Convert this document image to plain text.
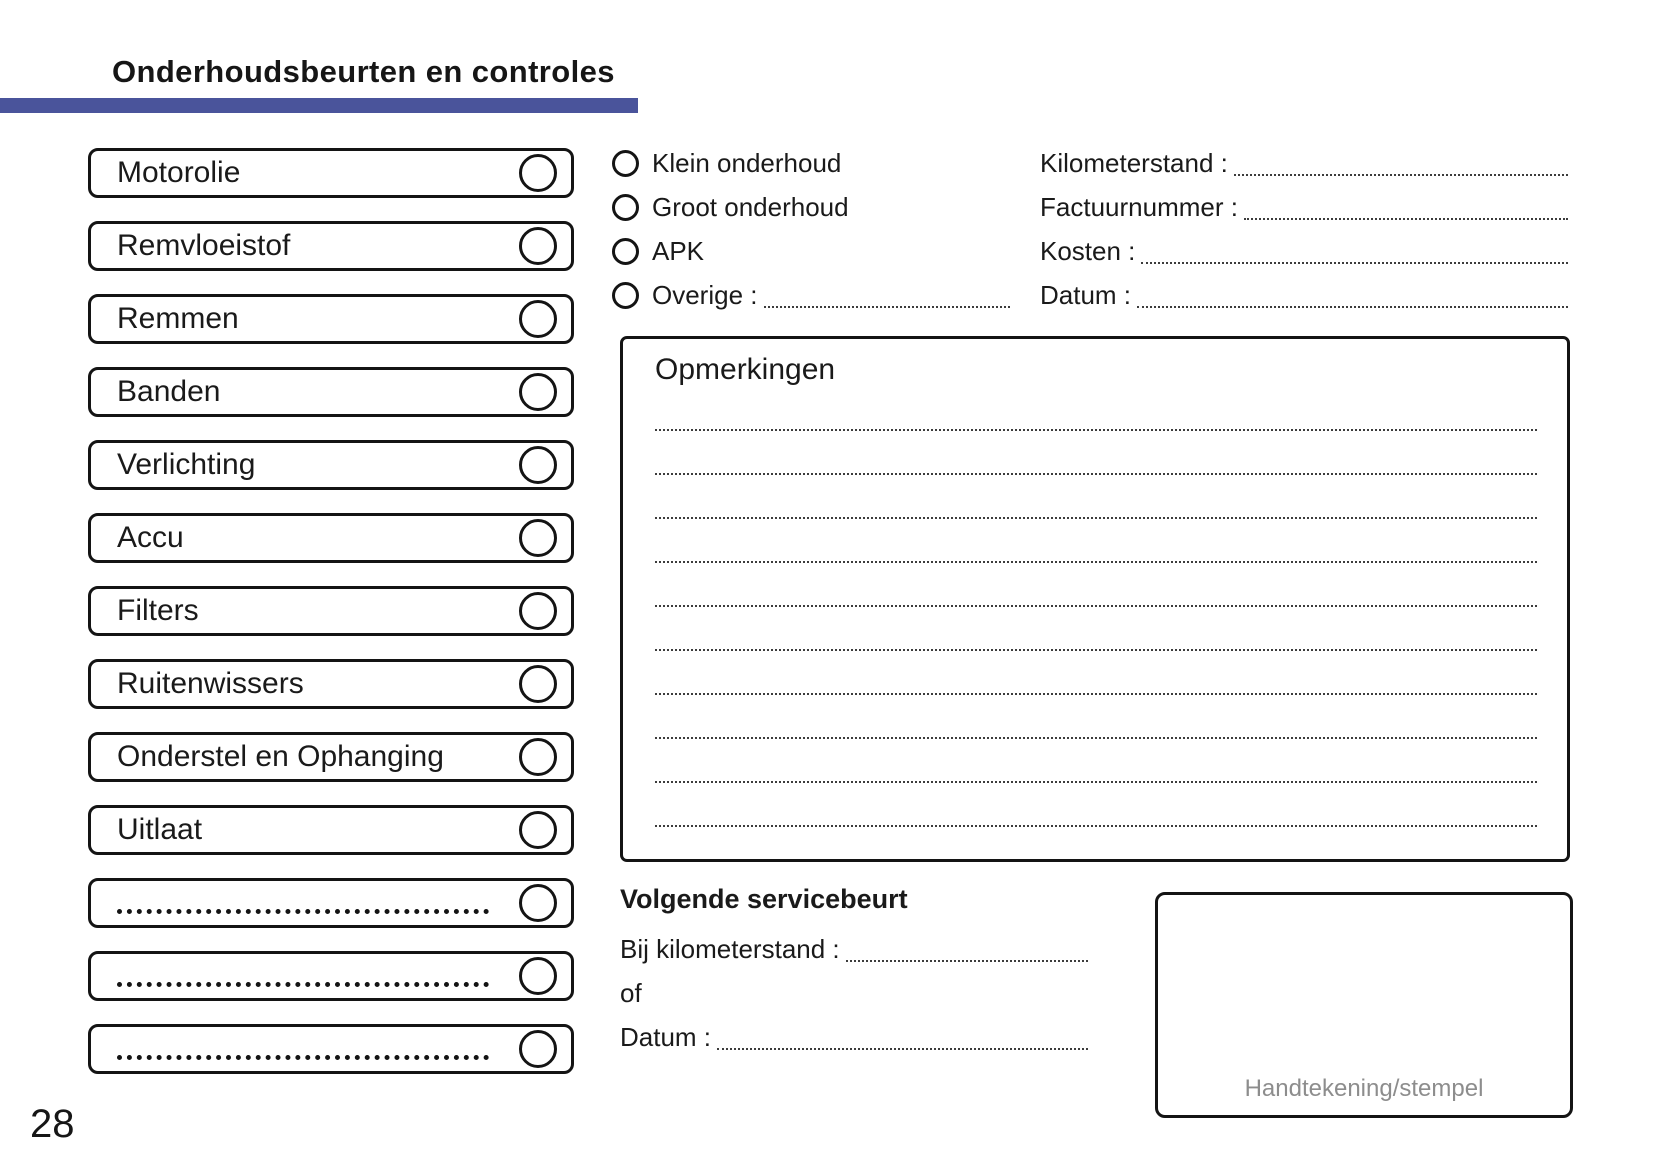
Onderhoudsbeurten en controles
Motorolie
Remvloeistof
Remmen
Banden
Verlichting
Accu
Filters
Ruitenwissers
Onderstel en Ophanging
Uitlaat
Klein onderhoud
Groot onderhoud
APK
Overige :
Kilometerstand :
Factuurnummer :
Kosten :
Datum :
Opmerkingen
Volgende servicebeurt
Bij kilometerstand :
of
Datum :
Handtekening/stempel
28
